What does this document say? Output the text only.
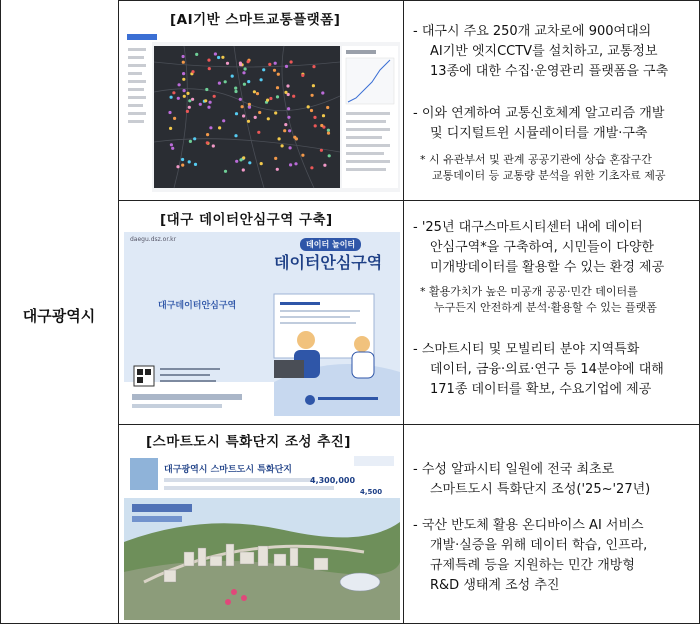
대구광역시
[AI기반 스마트교통플랫폼]
- 대구시 주요 250개 교차로에 900여대의
AI기반 엣지CCTV를 설치하고, 교통정보
13종에 대한 수집·운영관리 플랫폼을 구축
- 이와 연계하여 교통신호체계 알고리즘 개발
및 디지털트윈 시뮬레이터를 개발·구축
* 시 유관부서 및 관계 공공기관에 상습 혼잡구간
교통데이터 등 교통량 분석을 위한 기초자료 제공
[대구 데이터안심구역 구축]
daegu.dsz.or.kr
데이터 놀이터
데이터안심구역
대구데이터안심구역
- '25년 대구스마트시티센터 내에 데이터
안심구역*을 구축하여, 시민들이 다양한
미개방데이터를 활용할 수 있는 환경 제공
* 활용가치가 높은 미공개 공공·민간 데이터를
누구든지 안전하게 분석·활용할 수 있는 플랫폼
- 스마트시티 및 모빌리티 분야 지역특화
데이터, 금융·의료·연구 등 14분야에 대해
171종 데이터를 확보, 수요기업에 제공
[스마트도시 특화단지 조성 추진]
대구광역시 스마트도시 특화단지
4,300,000
4,500
- 수성 알파시티 일원에 전국 최초로
스마트도시 특화단지 조성('25~'27년)
- 국산 반도체 활용 온디바이스 AI 서비스
개발·실증을 위해 데이터 학습, 인프라,
규제특례 등을 지원하는 민간 개방형
R&D 생태계 조성 추진
